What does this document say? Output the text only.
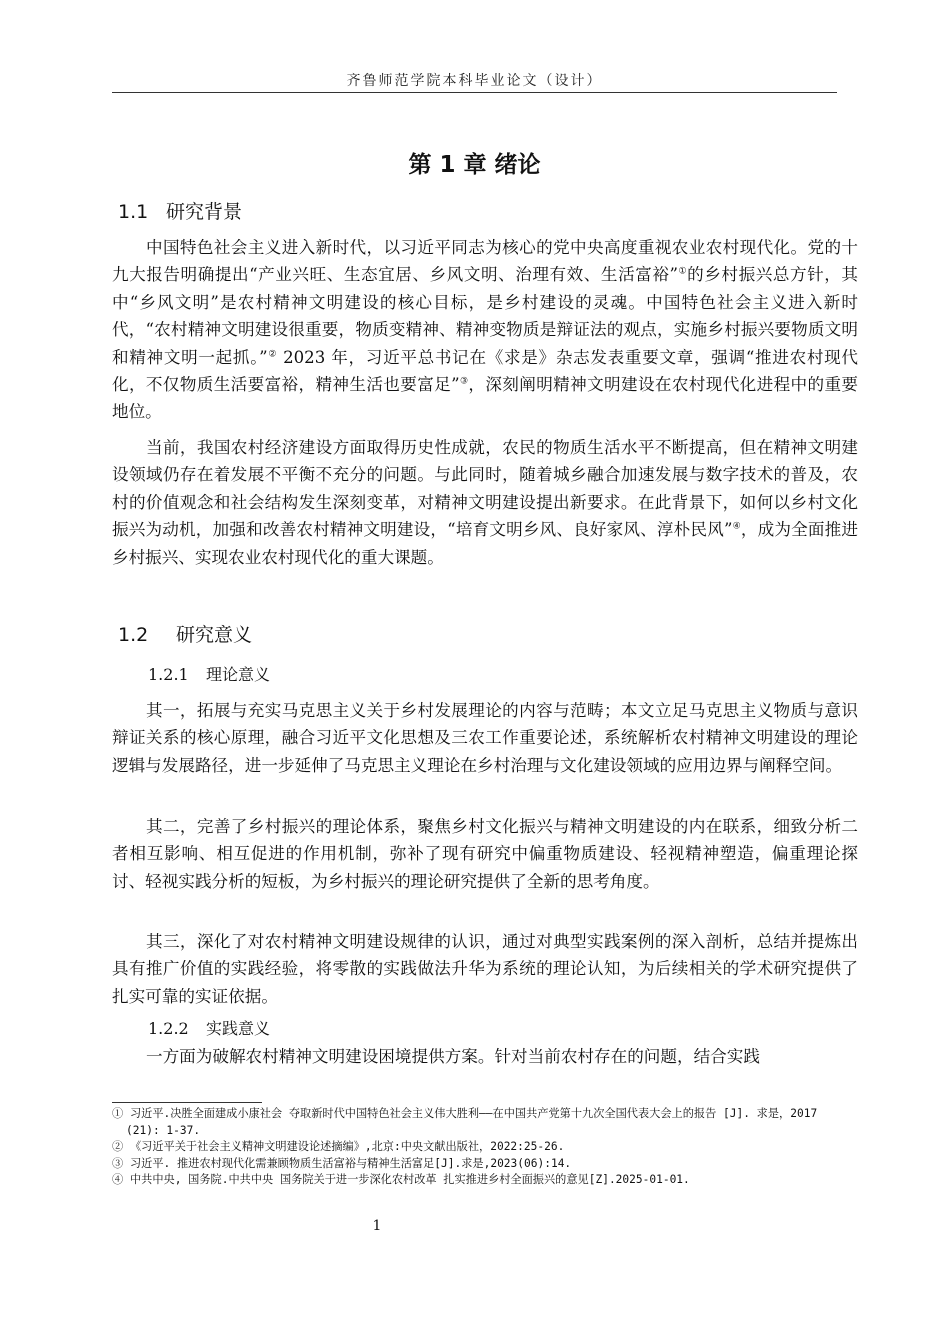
齐鲁师范学院本科毕业论文（设计）
第 1 章 绪论
1.1 研究背景

中国特色社会主义进入新时代，以习近平同志为核心的党中央高度重视农业农村现代化。党的十九大报告明确提出“产业兴旺、生态宜居、乡风文明、治理有效、生活富裕”①的乡村振兴总方针，其中“乡风文明”是农村精神文明建设的核心目标，是乡村建设的灵魂。中国特色社会主义进入新时代，“农村精神文明建设很重要，物质变精神、精神变物质是辩证法的观点，实施乡村振兴要物质文明和精神文明一起抓。”② 2023 年，习近平总书记在《求是》杂志发表重要文章，强调“推进农村现代化，不仅物质生活要富裕，精神生活也要富足”③，深刻阐明精神文明建设在农村现代化进程中的重要地位。

当前，我国农村经济建设方面取得历史性成就，农民的物质生活水平不断提高，但在精神文明建设领域仍存在着发展不平衡不充分的问题。与此同时，随着城乡融合加速发展与数字技术的普及，农村的价值观念和社会结构发生深刻变革，对精神文明建设提出新要求。在此背景下，如何以乡村文化振兴为动机，加强和改善农村精神文明建设，“培育文明乡风、良好家风、淳朴民风”④，成为全面推进乡村振兴、实现农业农村现代化的重大课题。

1.2 研究意义
1.2.1 理论意义

其一，拓展与充实马克思主义关于乡村发展理论的内容与范畴；本文立足马克思主义物质与意识辩证关系的核心原理，融合习近平文化思想及三农工作重要论述，系统解析农村精神文明建设的理论逻辑与发展路径，进一步延伸了马克思主义理论在乡村治理与文化建设领域的应用边界与阐释空间。

其二，完善了乡村振兴的理论体系，聚焦乡村文化振兴与精神文明建设的内在联系，细致分析二者相互影响、相互促进的作用机制，弥补了现有研究中偏重物质建设、轻视精神塑造，偏重理论探讨、轻视实践分析的短板，为乡村振兴的理论研究提供了全新的思考角度。

其三，深化了对农村精神文明建设规律的认识，通过对典型实践案例的深入剖析，总结并提炼出具有推广价值的实践经验，将零散的实践做法升华为系统的理论认知，为后续相关的学术研究提供了扎实可靠的实证依据。

1.2.2 实践意义

一方面为破解农村精神文明建设困境提供方案。针对当前农村存在的问题，结合实践

① 习近平.决胜全面建成小康社会 夺取新时代中国特色社会主义伟大胜利——在中国共产党第十九次全国代表大会上的报告 [J]. 求是，2017 (21): 1-37.

② 《习近平关于社会主义精神文明建设论述摘编》,北京:中央文献出版社，2022:25-26.

③ 习近平. 推进农村现代化需兼顾物质生活富裕与精神生活富足[J].求是,2023(06):14.

④ 中共中央, 国务院.中共中央 国务院关于进一步深化农村改革 扎实推进乡村全面振兴的意见[Z].2025-01-01.

1
